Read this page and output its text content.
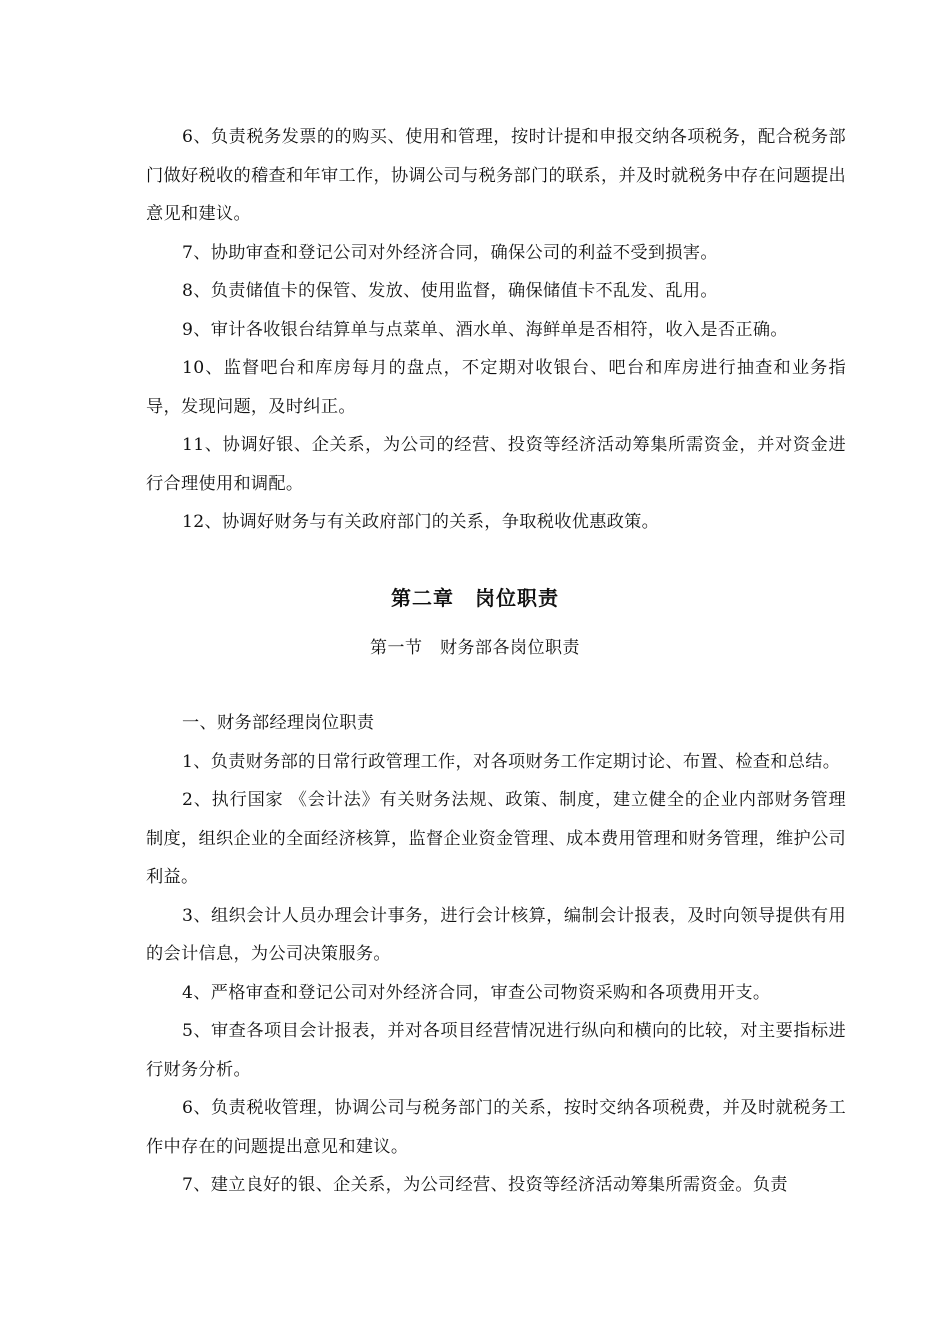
6、负责税务发票的的购买、使用和管理，按时计提和申报交纳各项税务，配合税务部门做好税收的稽查和年审工作，协调公司与税务部门的联系，并及时就税务中存在问题提出意见和建议。

7、协助审查和登记公司对外经济合同，确保公司的利益不受到损害。

8、负责储值卡的保管、发放、使用监督，确保储值卡不乱发、乱用。

9、审计各收银台结算单与点菜单、酒水单、海鲜单是否相符，收入是否正确。

10、监督吧台和库房每月的盘点，不定期对收银台、吧台和库房进行抽查和业务指导，发现问题，及时纠正。

11、协调好银、企关系，为公司的经营、投资等经济活动筹集所需资金，并对资金进行合理使用和调配。

12、协调好财务与有关政府部门的关系，争取税收优惠政策。

第二章　岗位职责
第一节　财务部各岗位职责

一、财务部经理岗位职责

1、负责财务部的日常行政管理工作，对各项财务工作定期讨论、布置、检查和总结。

2、执行国家 《会计法》有关财务法规、政策、制度，建立健全的企业内部财务管理制度，组织企业的全面经济核算，监督企业资金管理、成本费用管理和财务管理，维护公司利益。

3、组织会计人员办理会计事务，进行会计核算，编制会计报表，及时向领导提供有用的会计信息，为公司决策服务。

4、严格审查和登记公司对外经济合同，审查公司物资采购和各项费用开支。

5、审查各项目会计报表，并对各项目经营情况进行纵向和横向的比较，对主要指标进行财务分析。

6、负责税收管理，协调公司与税务部门的关系，按时交纳各项税费，并及时就税务工作中存在的问题提出意见和建议。

7、建立良好的银、企关系，为公司经营、投资等经济活动筹集所需资金。负责
